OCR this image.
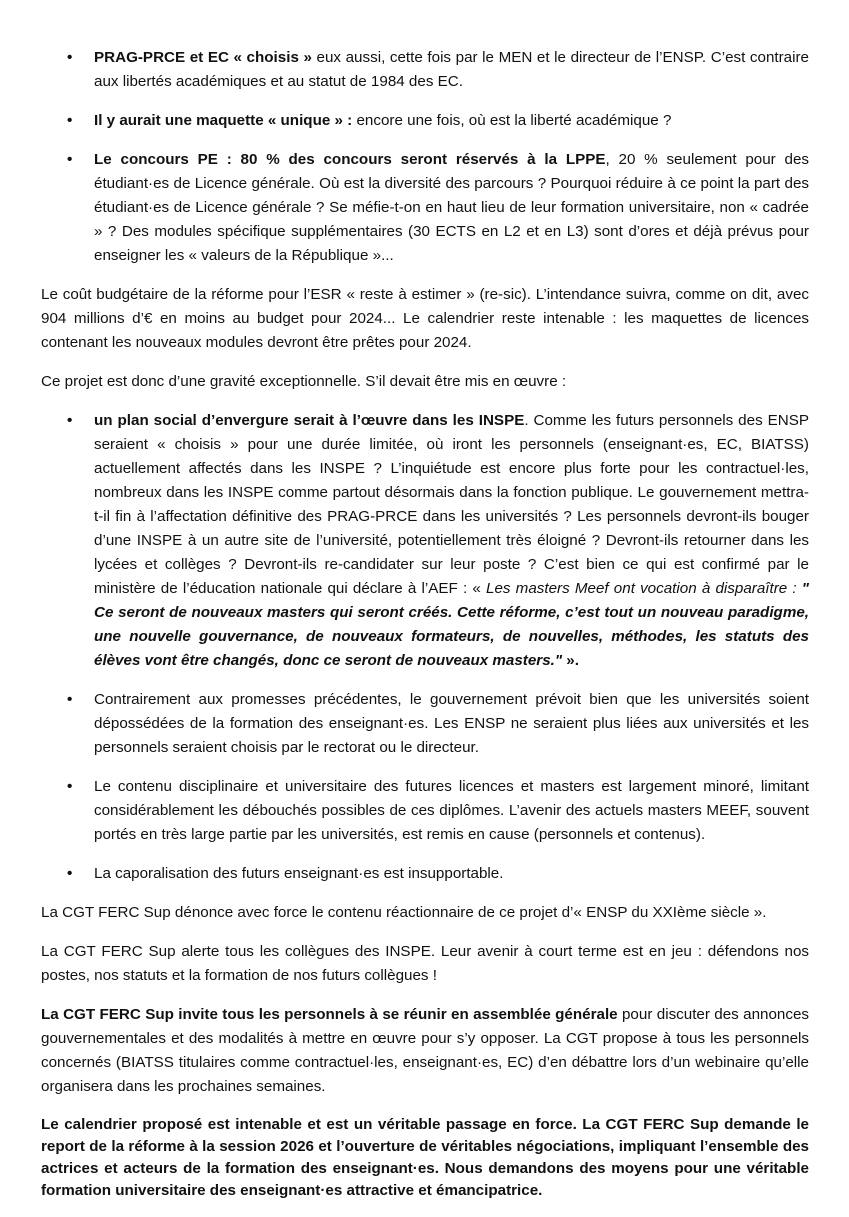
• PRAG-PRCE et EC « choisis » eux aussi, cette fois par le MEN et le directeur de l’ENSP. C’est contraire aux libertés académiques et au statut de 1984 des EC.
• Il y aurait une maquette « unique » : encore une fois, où est la liberté académique ?
• Le concours PE : 80 % des concours seront réservés à la LPPE, 20 % seulement pour des étudiant·es de Licence générale. Où est la diversité des parcours ? Pourquoi réduire à ce point la part des étudiant·es de Licence générale ? Se méfie-t-on en haut lieu de leur formation universitaire, non « cadrée » ? Des modules spécifique supplémentaires (30 ECTS en L2 et en L3) sont d’ores et déjà prévus pour enseigner les « valeurs de la République »...

Le coût budgétaire de la réforme pour l’ESR « reste à estimer » (re-sic). L’intendance suivra, comme on dit, avec 904 millions d’€ en moins au budget pour 2024... Le calendrier reste intenable : les maquettes de licences contenant les nouveaux modules devront être prêtes pour 2024.

Ce projet est donc d’une gravité exceptionnelle. S’il devait être mis en œuvre :

• un plan social d’envergure serait à l’œuvre dans les INSPE. Comme les futurs personnels des ENSP seraient « choisis » pour une durée limitée, où iront les personnels (enseignant·es, EC, BIATSS) actuellement affectés dans les INSPE ? L’inquiétude est encore plus forte pour les contractuel·les, nombreux dans les INSPE comme partout désormais dans la fonction publique. Le gouvernement mettra-t-il fin à l’affectation définitive des PRAG-PRCE dans les universités ? Les personnels devront-ils bouger d’une INSPE à un autre site de l’université, potentiellement très éloigné ? Devront-ils retourner dans les lycées et collèges ? Devront-ils re-candidater sur leur poste ? C’est bien ce qui est confirmé par le ministère de l’éducation nationale qui déclare à l’AEF : « Les masters Meef ont vocation à disparaître : " Ce seront de nouveaux masters qui seront créés. Cette réforme, c’est tout un nouveau paradigme, une nouvelle gouvernance, de nouveaux formateurs, de nouvelles, méthodes, les statuts des élèves vont être changés, donc ce seront de nouveaux masters." ».
• Contrairement aux promesses précédentes, le gouvernement prévoit bien que les universités soient dépossédées de la formation des enseignant·es. Les ENSP ne seraient plus liées aux universités et les personnels seraient choisis par le rectorat ou le directeur.
• Le contenu disciplinaire et universitaire des futures licences et masters est largement minoré, limitant considérablement les débouchés possibles de ces diplômes. L’avenir des actuels masters MEEF, souvent portés en très large partie par les universités, est remis en cause (personnels et contenus).
• La caporalisation des futurs enseignant·es est insupportable.

La CGT FERC Sup dénonce avec force le contenu réactionnaire de ce projet d’« ENSP du XXIème siècle ».

La CGT FERC Sup alerte tous les collègues des INSPE. Leur avenir à court terme est en jeu : défendons nos postes, nos statuts et la formation de nos futurs collègues !

La CGT FERC Sup invite tous les personnels à se réunir en assemblée générale pour discuter des annonces gouvernementales et des modalités à mettre en œuvre pour s’y opposer. La CGT propose à tous les personnels concernés (BIATSS titulaires comme contractuel·les, enseignant·es, EC) d’en débattre lors d’un webinaire qu’elle organisera dans les prochaines semaines.

Le calendrier proposé est intenable et est un véritable passage en force. La CGT FERC Sup demande le report de la réforme à la session 2026 et l’ouverture de véritables négociations, impliquant l’ensemble des actrices et acteurs de la formation des enseignant·es. Nous demandons des moyens pour une véritable formation universitaire des enseignant·es attractive et émancipatrice.
